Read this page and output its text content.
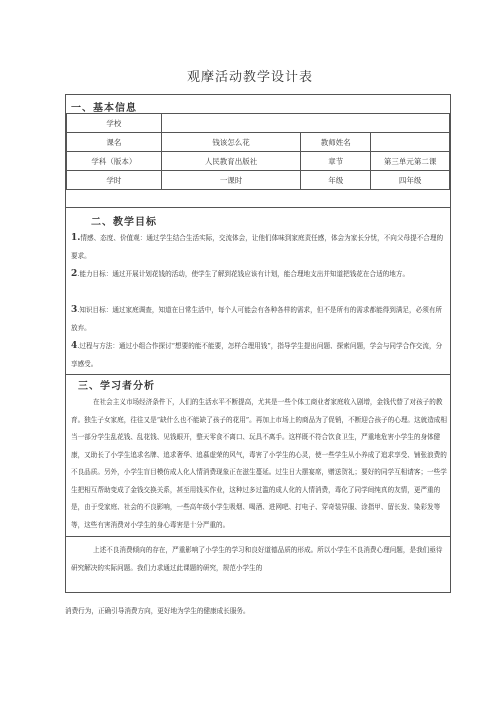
观摩活动教学设计表
一、基本信息
学校			
课名	钱该怎么花	教师姓名	
学科（版本）	人民教育出版社	章节	第三单元第二课
学时	一课时	年级	四年级
二、教学目标
1.情感、态度、价值观：通过学生结合生活实际，交流体会，让他们体味到家庭责任感，体会为家长分忧，不向父母提不合理的要求。
2.能力目标：通过开展计划花钱的活动，使学生了解到花钱应该有计划，能合理地支出并知道把钱花在合适的地方。
3.知识目标：通过家庭调查，知道在日常生活中，每个人可能会有各种各样的需求，但不是所有的需求都能得到满足，必须有所放弃。
4.过程与方法：通过小组合作探讨“想要的能不能要，怎样合理用钱”，指导学生提出问题、探索问题，学会与同学合作交流，分享感受。
三、学习者分析
在社会主义市场经济条件下，人们的生活水平不断提高，尤其是一些个体工商业者家庭收入剧增，金钱代替了对孩子的教育。独生子女家庭，往往又是“缺什么也不能缺了孩子的花用”。再加上市场上的商品为了促销，不断迎合孩子的心理。这就造成相当一部分学生乱花钱、乱花钱、见钱眼开，整天零食不离口、玩具不离手。这样既不符合饮食卫生，严重地危害小学生的身体健康，又助长了小学生追求名牌、追求奢华、追慕虚荣的风气，毒害了小学生的心灵，使一些学生从小养成了追求享受、铺张浪费的不良品质。另外，小学生盲目模仿成人化人情消费现象正在滋生蔓延。过生日大摆宴席，赠送贺礼；要好的同学互相请客；一些学生把相互帮助变成了金钱交换关系，甚至用钱买作业，这种过多过滥的成人化的人情消费，毒化了同学间纯真的友情，更严重的是，由于受家庭、社会的不良影响，一些高年级小学生吸烟、喝酒、进网吧、打电子、穿奇装异服、涂指甲、留长发、染彩发等等，这些有害消费对小学生的身心毒害是十分严重的。
上述不良消费倾向的存在，严重影响了小学生的学习和良好道德品质的形成。所以小学生不良消费心理问题，是我们亟待研究解决的实际问题。我们力求通过此课题的研究，规范小学生的
消费行为，正确引导消费方向，更好地为学生的健康成长服务。
